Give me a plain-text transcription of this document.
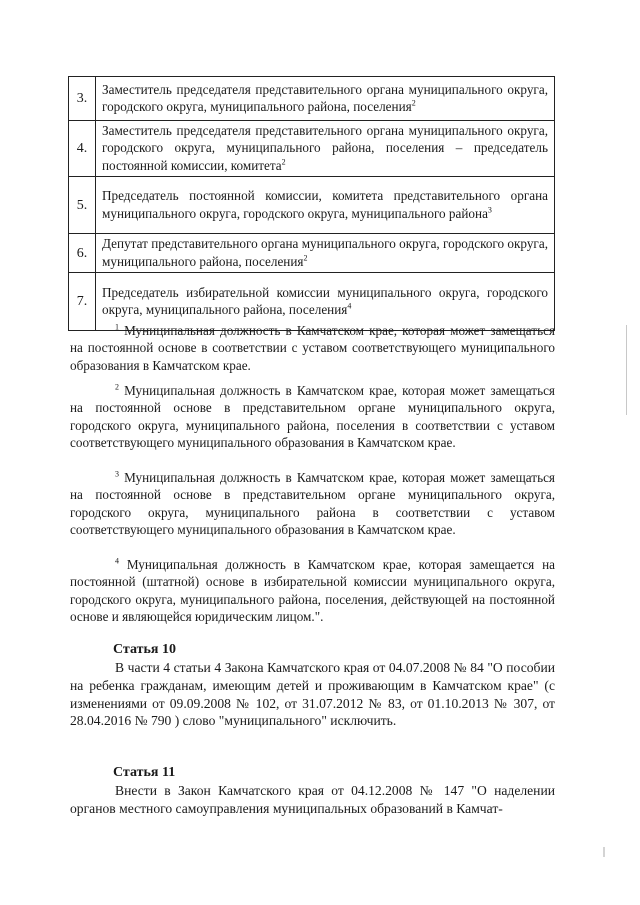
3.	Заместитель председателя представительного органа муниципального округа, городского округа, муниципального района, поселения$^2$
4.	Заместитель председателя представительного органа муниципального округа, городского округа, муниципального района, поселения – председатель постоянной комиссии, комитета$^2$
5.	Председатель постоянной комиссии, комитета представительного органа муниципального округа, городского округа, муниципального района$^3$
6.	Депутат представительного органа муниципального округа, городского округа, муниципального района, поселения$^2$
7.	Председатель избирательной комиссии муниципального округа, городского округа, муниципального района, поселения$^4$

$^1$ Муниципальная должность в Камчатском крае, которая может замещаться на постоянной основе в соответствии с уставом соответствующего муниципального образования в Камчатском крае.

$^2$ Муниципальная должность в Камчатском крае, которая может замещаться на постоянной основе в представительном органе муниципального округа, городского округа, муниципального района, поселения в соответствии с уставом соответствующего муниципального образования в Камчатском крае.

$^3$ Муниципальная должность в Камчатском крае, которая может замещаться на постоянной основе в представительном органе муниципального округа, городского округа, муниципального района в соответствии с уставом соответствующего муниципального образования в Камчатском крае.

$^4$ Муниципальная должность в Камчатском крае, которая замещается на постоянной (штатной) основе в избирательной комиссии муниципального округа, городского округа, муниципального района, поселения, действующей на постоянной основе и являющейся юридическим лицом.".

Статья 10

В части 4 статьи 4 Закона Камчатского края от 04.07.2008 № 84 "О пособии на ребенка гражданам, имеющим детей и проживающим в Камчатском крае" (с изменениями от 09.09.2008 № 102, от 31.07.2012 № 83, от 01.10.2013 № 307, от 28.04.2016 № 790 ) слово "муниципального" исключить.

Статья 11

Внести в Закон Камчатского края от 04.12.2008 № 147 "О наделении органов местного самоуправления муниципальных образований в Камчат-
